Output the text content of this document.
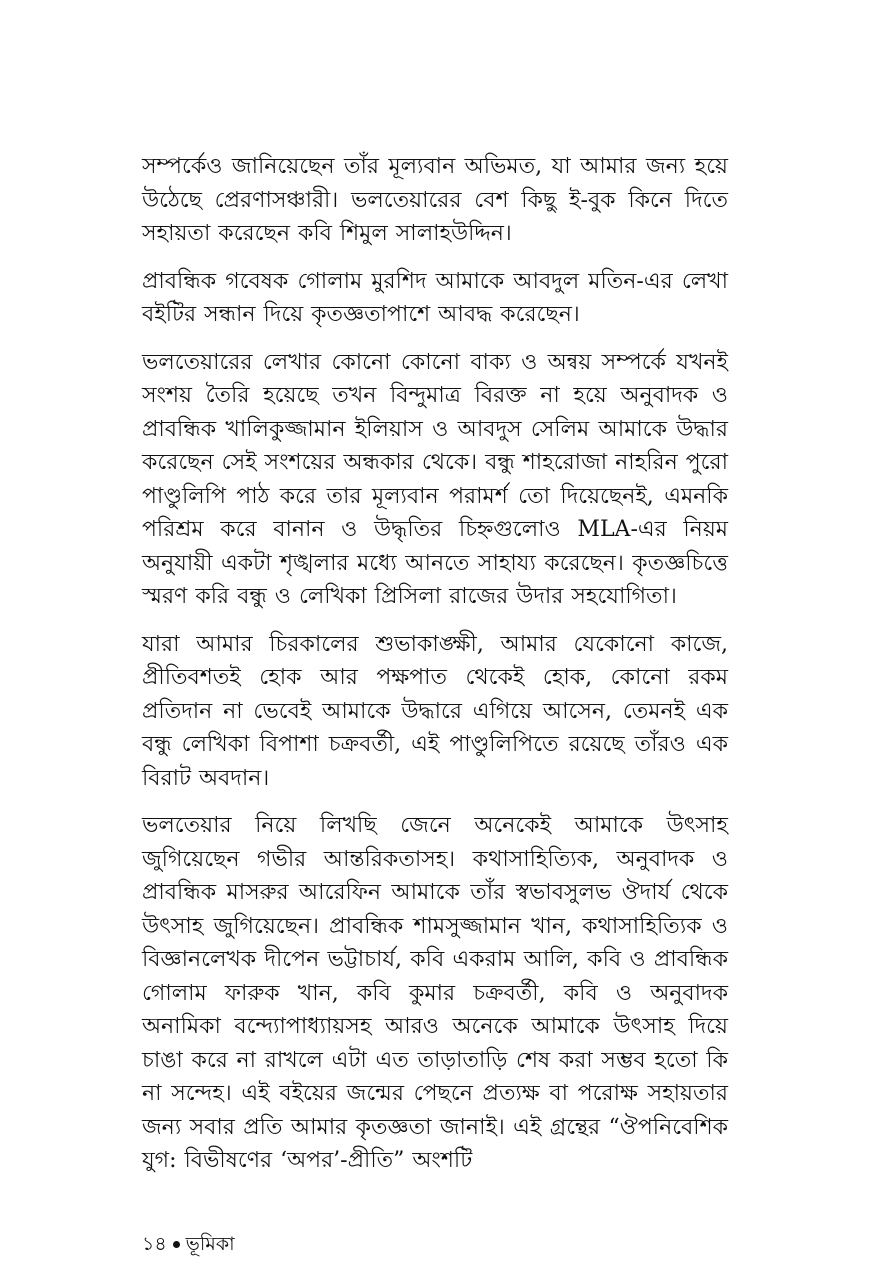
সম্পর্কেও জানিয়েছেন তাঁর মূল্যবান অভিমত, যা আমার জন্য হয়ে উঠেছে প্রেরণাসঞ্চারী। ভলতেয়ারের বেশ কিছু ই-বুক কিনে দিতে সহায়তা করেছেন কবি শিমুল সালাহউদ্দিন।

প্রাবন্ধিক গবেষক গোলাম মুরশিদ আমাকে আবদুল মতিন-এর লেখা বইটির সন্ধান দিয়ে কৃতজ্ঞতাপাশে আবদ্ধ করেছেন।

ভলতেয়ারের লেখার কোনো কোনো বাক্য ও অন্বয় সম্পর্কে যখনই সংশয় তৈরি হয়েছে তখন বিন্দুমাত্র বিরক্ত না হয়ে অনুবাদক ও প্রাবন্ধিক খালিকুজ্জামান ইলিয়াস ও আবদুস সেলিম আমাকে উদ্ধার করেছেন সেই সংশয়ের অন্ধকার থেকে। বন্ধু শাহরোজা নাহরিন পুরো পাণ্ডুলিপি পাঠ করে তার মূল্যবান পরামর্শ তো দিয়েছেনই, এমনকি পরিশ্রম করে বানান ও উদ্ধৃতির চিহ্নগুলোও MLA-এর নিয়ম অনুযায়ী একটা শৃঙ্খলার মধ্যে আনতে সাহায্য করেছেন। কৃতজ্ঞচিত্তে স্মরণ করি বন্ধু ও লেখিকা প্রিসিলা রাজের উদার সহযোগিতা।

যারা আমার চিরকালের শুভাকাঙ্ক্ষী, আমার যেকোনো কাজে, প্রীতিবশতই হোক আর পক্ষপাত থেকেই হোক, কোনো রকম প্রতিদান না ভেবেই আমাকে উদ্ধারে এগিয়ে আসেন, তেমনই এক বন্ধু লেখিকা বিপাশা চক্রবর্তী, এই পাণ্ডুলিপিতে রয়েছে তাঁরও এক বিরাট অবদান।

ভলতেয়ার নিয়ে লিখছি জেনে অনেকেই আমাকে উৎসাহ জুগিয়েছেন গভীর আন্তরিকতাসহ। কথাসাহিত্যিক, অনুবাদক ও প্রাবন্ধিক মাসরুর আরেফিন আমাকে তাঁর স্বভাবসুলভ ঔদার্য থেকে উৎসাহ জুগিয়েছেন। প্রাবন্ধিক শামসুজ্জামান খান, কথাসাহিত্যিক ও বিজ্ঞানলেখক দীপেন ভট্টাচার্য, কবি একরাম আলি, কবি ও প্রাবন্ধিক গোলাম ফারুক খান, কবি কুমার চক্রবর্তী, কবি ও অনুবাদক অনামিকা বন্দ্যোপাধ্যায়সহ আরও অনেকে আমাকে উৎসাহ দিয়ে চাঙা করে না রাখলে এটা এত তাড়াতাড়ি শেষ করা সম্ভব হতো কি না সন্দেহ। এই বইয়ের জন্মের পেছনে প্রত্যক্ষ বা পরোক্ষ সহায়তার জন্য সবার প্রতি আমার কৃতজ্ঞতা জানাই। এই গ্রন্থের “ঔপনিবেশিক যুগ: বিভীষণের ‘অপর’-প্রীতি” অংশটি

১৪ ভূমিকা
